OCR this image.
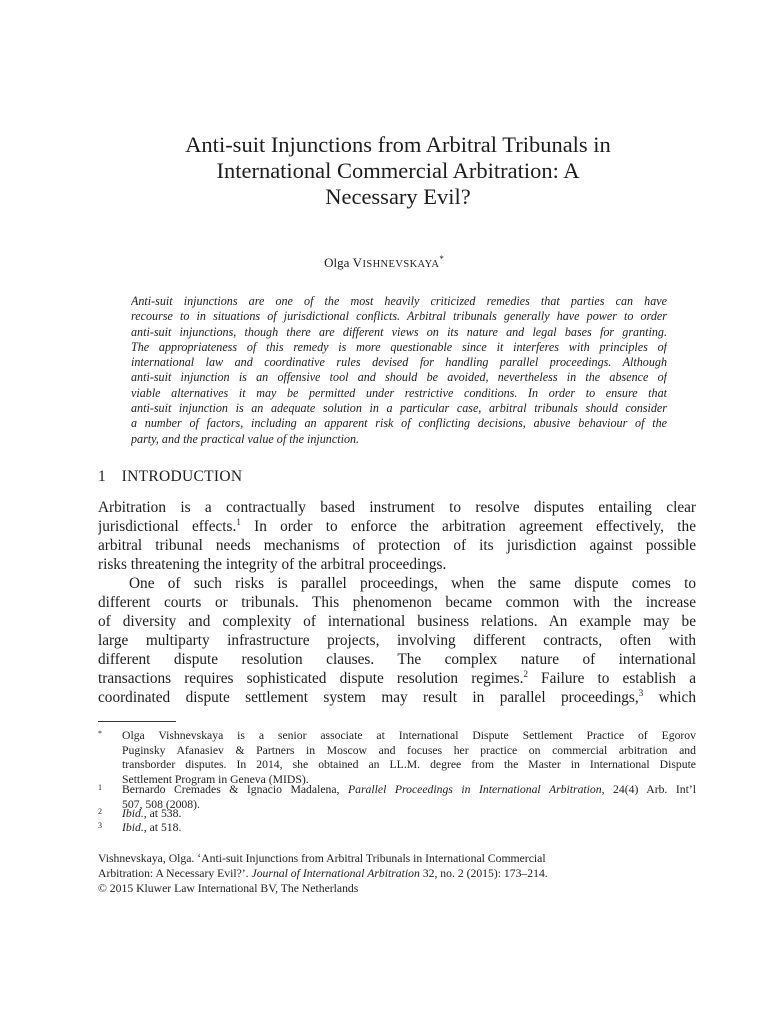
Anti-suit Injunctions from Arbitral Tribunals in
International Commercial Arbitration: A
Necessary Evil?
Olga VISHNEVSKAYA*
Anti-suit injunctions are one of the most heavily criticized remedies that parties can have
recourse to in situations of jurisdictional conflicts. Arbitral tribunals generally have power to order
anti-suit injunctions, though there are different views on its nature and legal bases for granting.
The appropriateness of this remedy is more questionable since it interferes with principles of
international law and coordinative rules devised for handling parallel proceedings. Although
anti-suit injunction is an offensive tool and should be avoided, nevertheless in the absence of
viable alternatives it may be permitted under restrictive conditions. In order to ensure that
anti-suit injunction is an adequate solution in a particular case, arbitral tribunals should consider
a number of factors, including an apparent risk of conflicting decisions, abusive behaviour of the
party, and the practical value of the injunction.
1 INTRODUCTION
Arbitration is a contractually based instrument to resolve disputes entailing clear
jurisdictional effects.$^1$ In order to enforce the arbitration agreement effectively, the
arbitral tribunal needs mechanisms of protection of its jurisdiction against possible
risks threatening the integrity of the arbitral proceedings.
One of such risks is parallel proceedings, when the same dispute comes to
different courts or tribunals. This phenomenon became common with the increase
of diversity and complexity of international business relations. An example may be
large multiparty infrastructure projects, involving different contracts, often with
different dispute resolution clauses. The complex nature of international
transactions requires sophisticated dispute resolution regimes.$^2$ Failure to establish a
coordinated dispute settlement system may result in parallel proceedings,$^3$ which
* Olga Vishnevskaya is a senior associate at International Dispute Settlement Practice of Egorov
Puginsky Afanasiev & Partners in Moscow and focuses her practice on commercial arbitration and
transborder disputes. In 2014, she obtained an LL.M. degree from the Master in International Dispute
Settlement Program in Geneva (MIDS).
1 Bernardo Cremades & Ignacio Madalena, Parallel Proceedings in International Arbitration, 24(4) Arb. Int’l
507, 508 (2008).
2 Ibid., at 538.
3 Ibid., at 518.
Vishnevskaya, Olga. ‘Anti-suit Injunctions from Arbitral Tribunals in International Commercial
Arbitration: A Necessary Evil?’. Journal of International Arbitration 32, no. 2 (2015): 173–214.
© 2015 Kluwer Law International BV, The Netherlands
